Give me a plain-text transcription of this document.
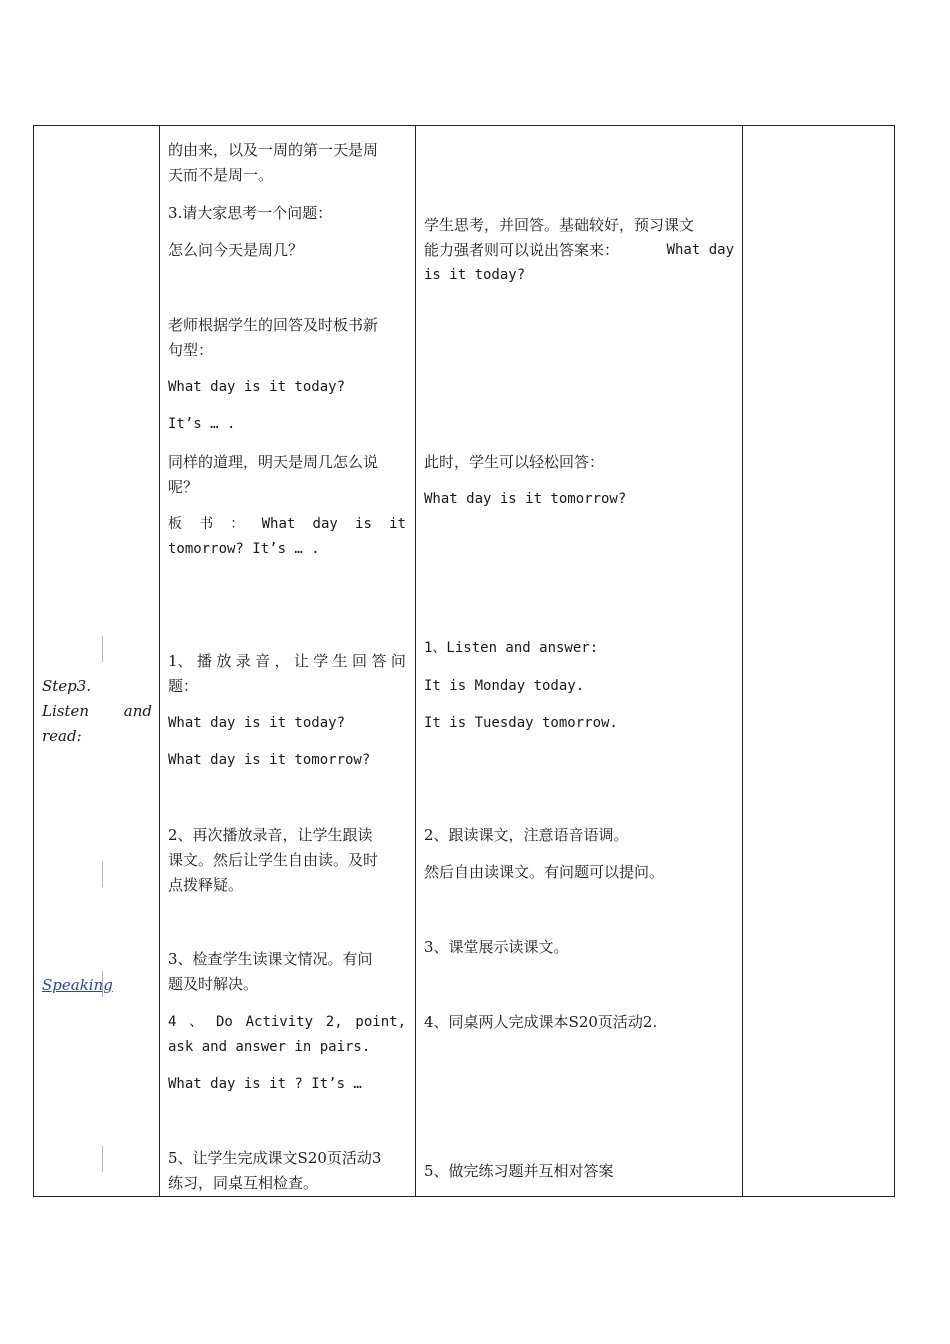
Step3.
Listen and
read:
Speaking
的由来，以及一周的第一天是周
天而不是周一。
3.请大家思考一个问题：
怎么问今天是周几？
老师根据学生的回答及时板书新
句型：
What day is it today?
It’s … .
同样的道理，明天是周几怎么说
呢？
板 书 ： What day is it
tomorrow? It’s … .
1、 播 放 录 音 ， 让 学 生 回 答 问
题：
What day is it today?
What day is it tomorrow?
2、再次播放录音，让学生跟读
课文。然后让学生自由读。及时
点拨释疑。
3、检查学生读课文情况。有问
题及时解决。
4 、 Do Activity 2, point,
ask and answer in pairs.
What day is it ? It’s …
5、让学生完成课文S20页活动3
练习，同桌互相检查。
学生思考，并回答。基础较好，预习课文
能力强者则可以说出答案来：	What day
is it today?
此时，学生可以轻松回答：
What day is it tomorrow?
1、Listen and answer:
It is Monday today.
It is Tuesday tomorrow.
2、跟读课文，注意语音语调。
然后自由读课文。有问题可以提问。
3、课堂展示读课文。
4、同桌两人完成课本S20页活动2.
5、做完练习题并互相对答案
